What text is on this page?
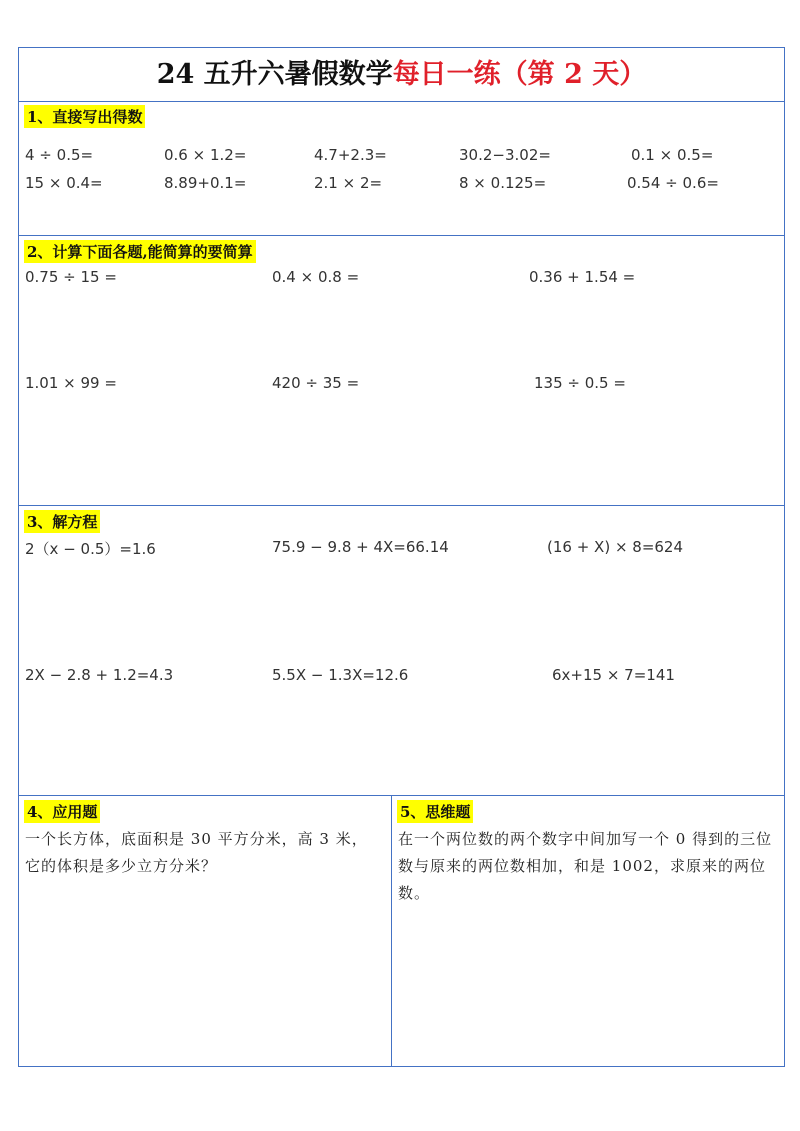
24 五升六暑假数学每日一练（第 2 天）
1、直接写出得数
4 ÷ 0.5=	0.6 × 1.2=	4.7+2.3=	30.2−3.02=	0.1 × 0.5=
15 × 0.4=	8.89+0.1=	2.1 × 2=	8 × 0.125=	0.54 ÷ 0.6=
2、计算下面各题,能简算的要简算
0.75 ÷ 15 =	0.4 × 0.8 =	0.36 + 1.54 =
1.01 × 99 =	420 ÷ 35 =	135 ÷ 0.5 =
3、解方程
2（x − 0.5）=1.6	75.9 − 9.8 + 4X=66.14	(16 + X) × 8=624
2X − 2.8 + 1.2=4.3	5.5X − 1.3X=12.6	6x+15 × 7=141
4、应用题
一个长方体，底面积是 30 平方分米，高 3 米，它的体积是多少立方分米？
5、思维题
在一个两位数的两个数字中间加写一个 0 得到的三位数与原来的两位数相加，和是 1002，求原来的两位数。
